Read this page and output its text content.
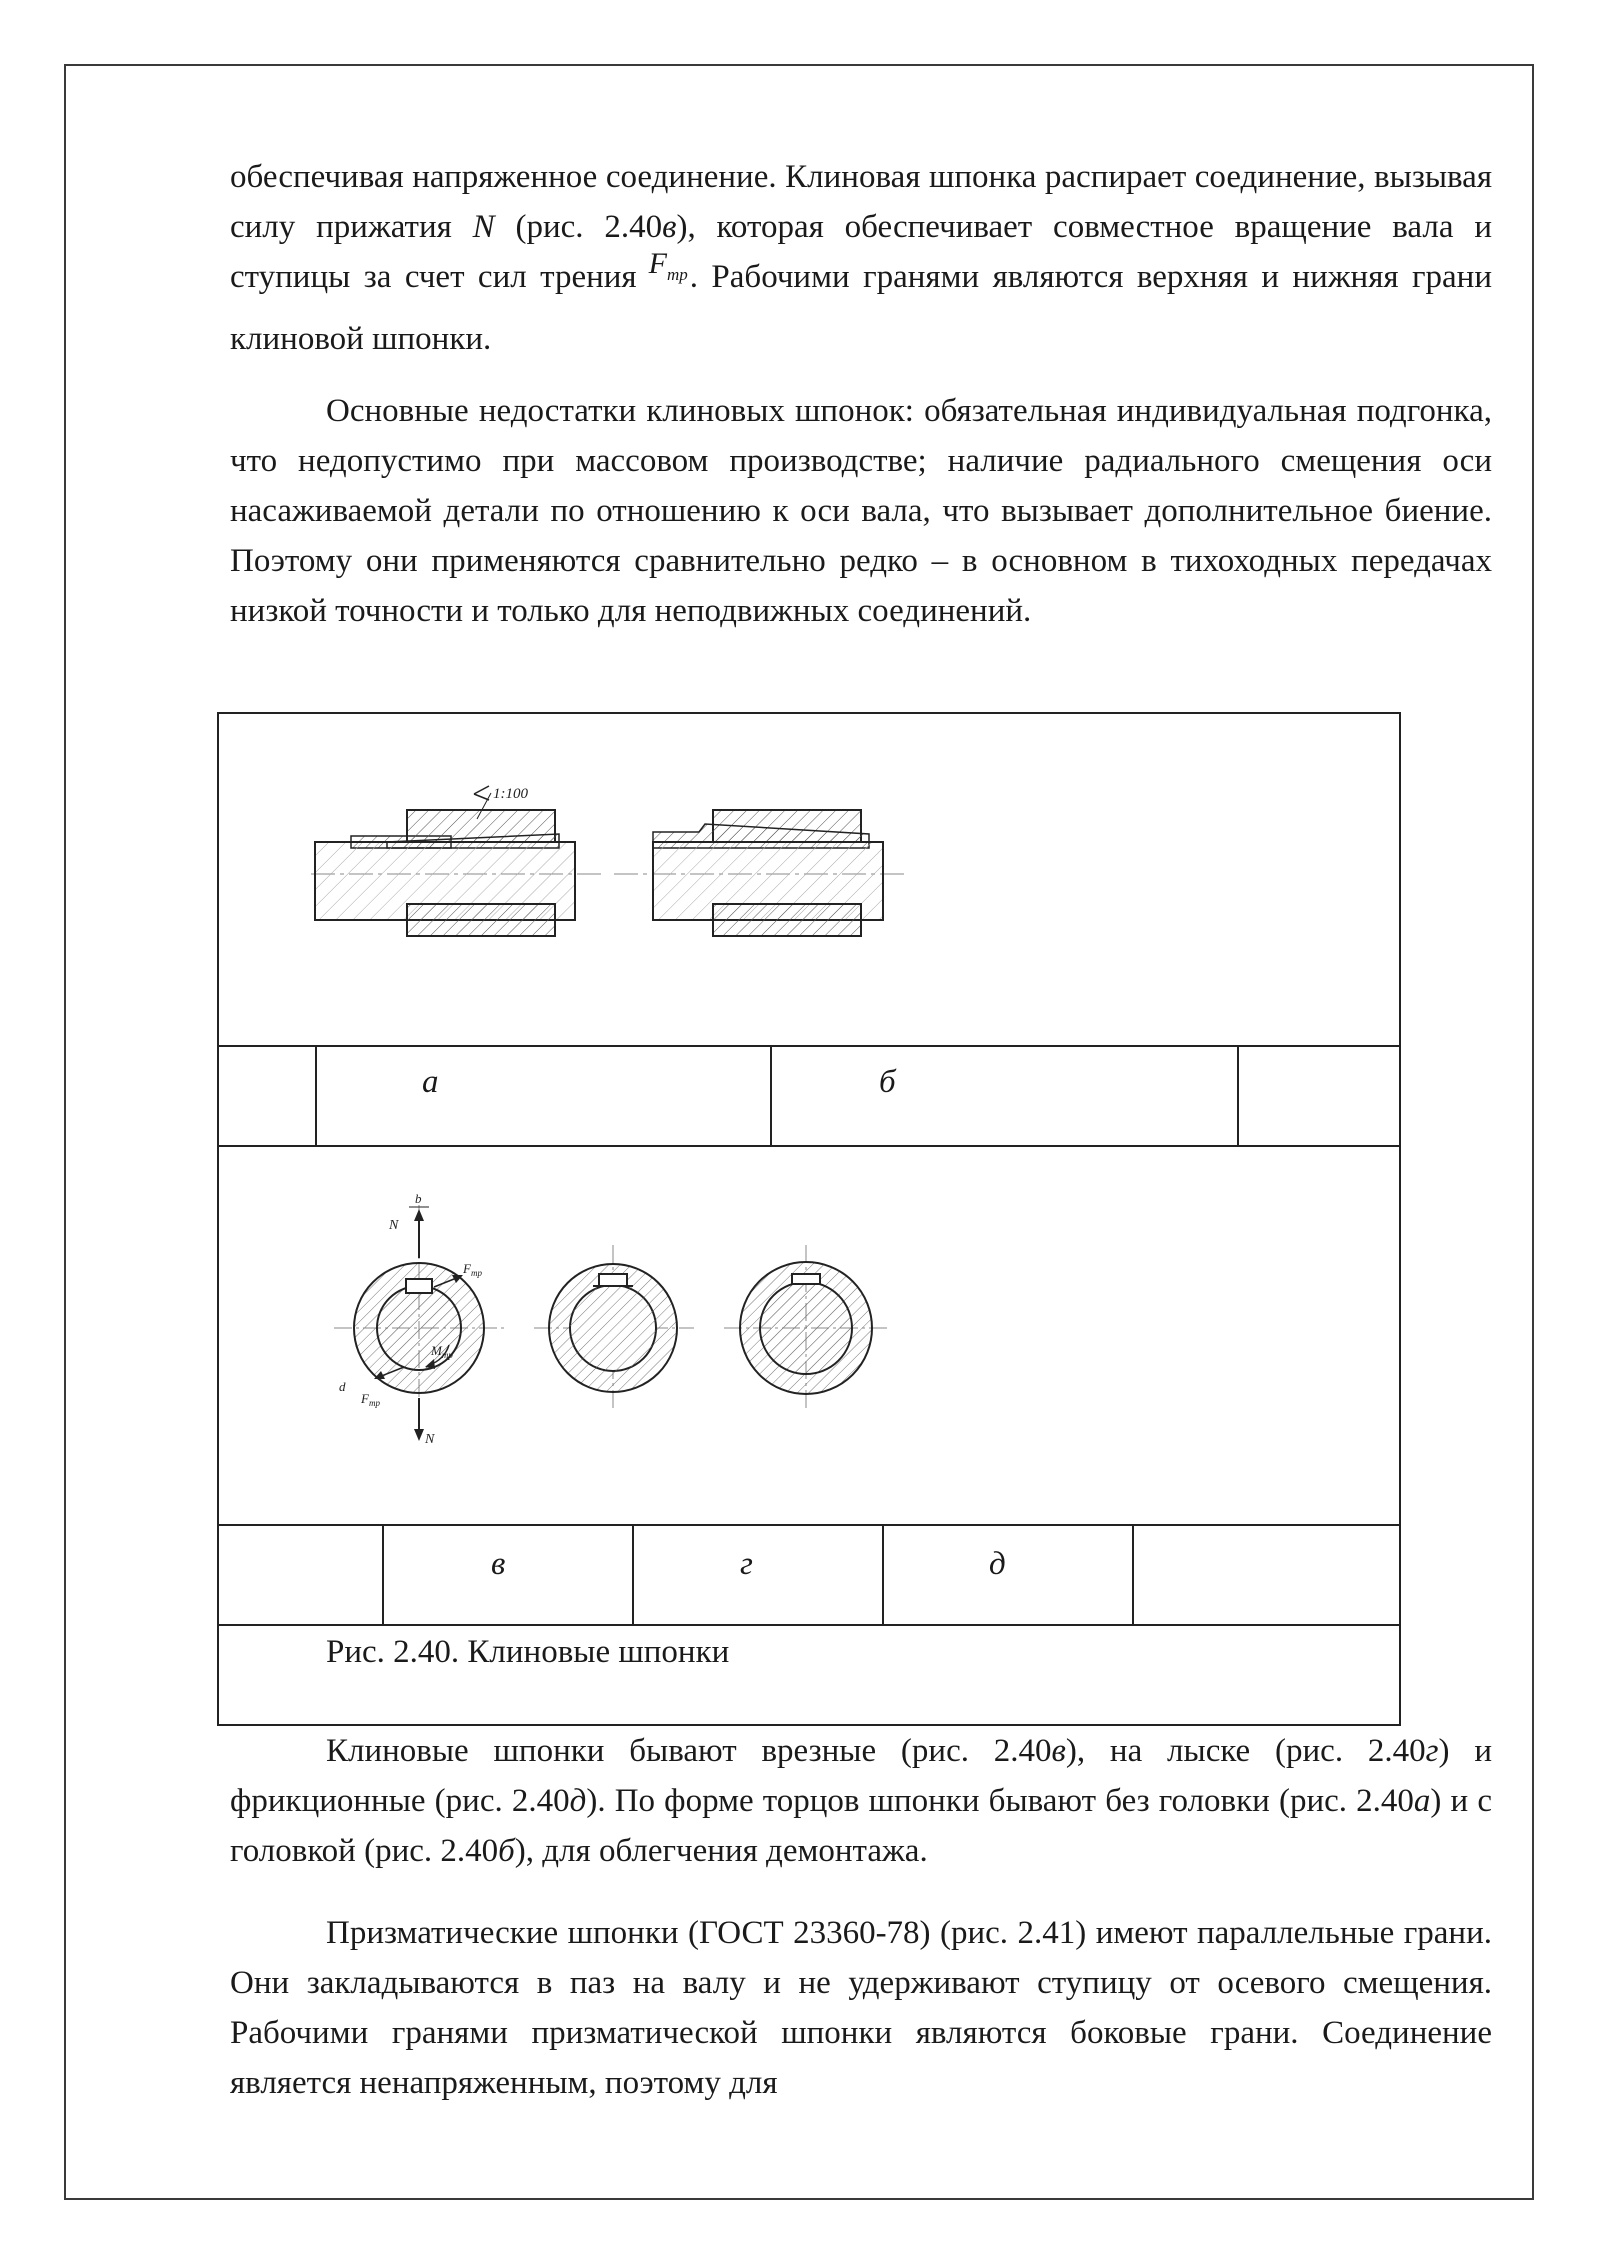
обеспечивая напряженное соединение. Клиновая шпонка распирает соединение, вызывая силу прижатия N (рис. 2.40в), которая обеспечивает совместное вращение вала и ступицы за счет сил трения $F_{тр}$. Рабочими гранями являются верхняя и нижняя грани клиновой шпонки.

Основные недостатки клиновых шпонок: обязательная индивидуальная подгонка, что недопустимо при массовом производстве; наличие радиального смещения оси насаживаемой детали по отношению к оси вала, что вызывает дополнительное биение. Поэтому они применяются сравнительно редко – в основном в тихоходных передачах низкой точности и только для неподвижных соединений.

а	б
в	г	д
Рис. 2.40. Клиновые шпонки
1:100
b
N
N
$F_{тр}$
$F_{тр}$
$M_{тр}$
d

Клиновые шпонки бывают врезные (рис. 2.40в), на лыске (рис. 2.40г) и фрикционные (рис. 2.40д). По форме торцов шпонки бывают без головки (рис. 2.40а) и с головкой (рис. 2.40б), для облегчения демонтажа.

Призматические шпонки (ГОСТ 23360-78) (рис. 2.41) имеют параллельные грани. Они закладываются в паз на валу и не удерживают ступицу от осевого смещения. Рабочими гранями призматической шпонки являются боковые грани. Соединение является ненапряженным, поэтому для
